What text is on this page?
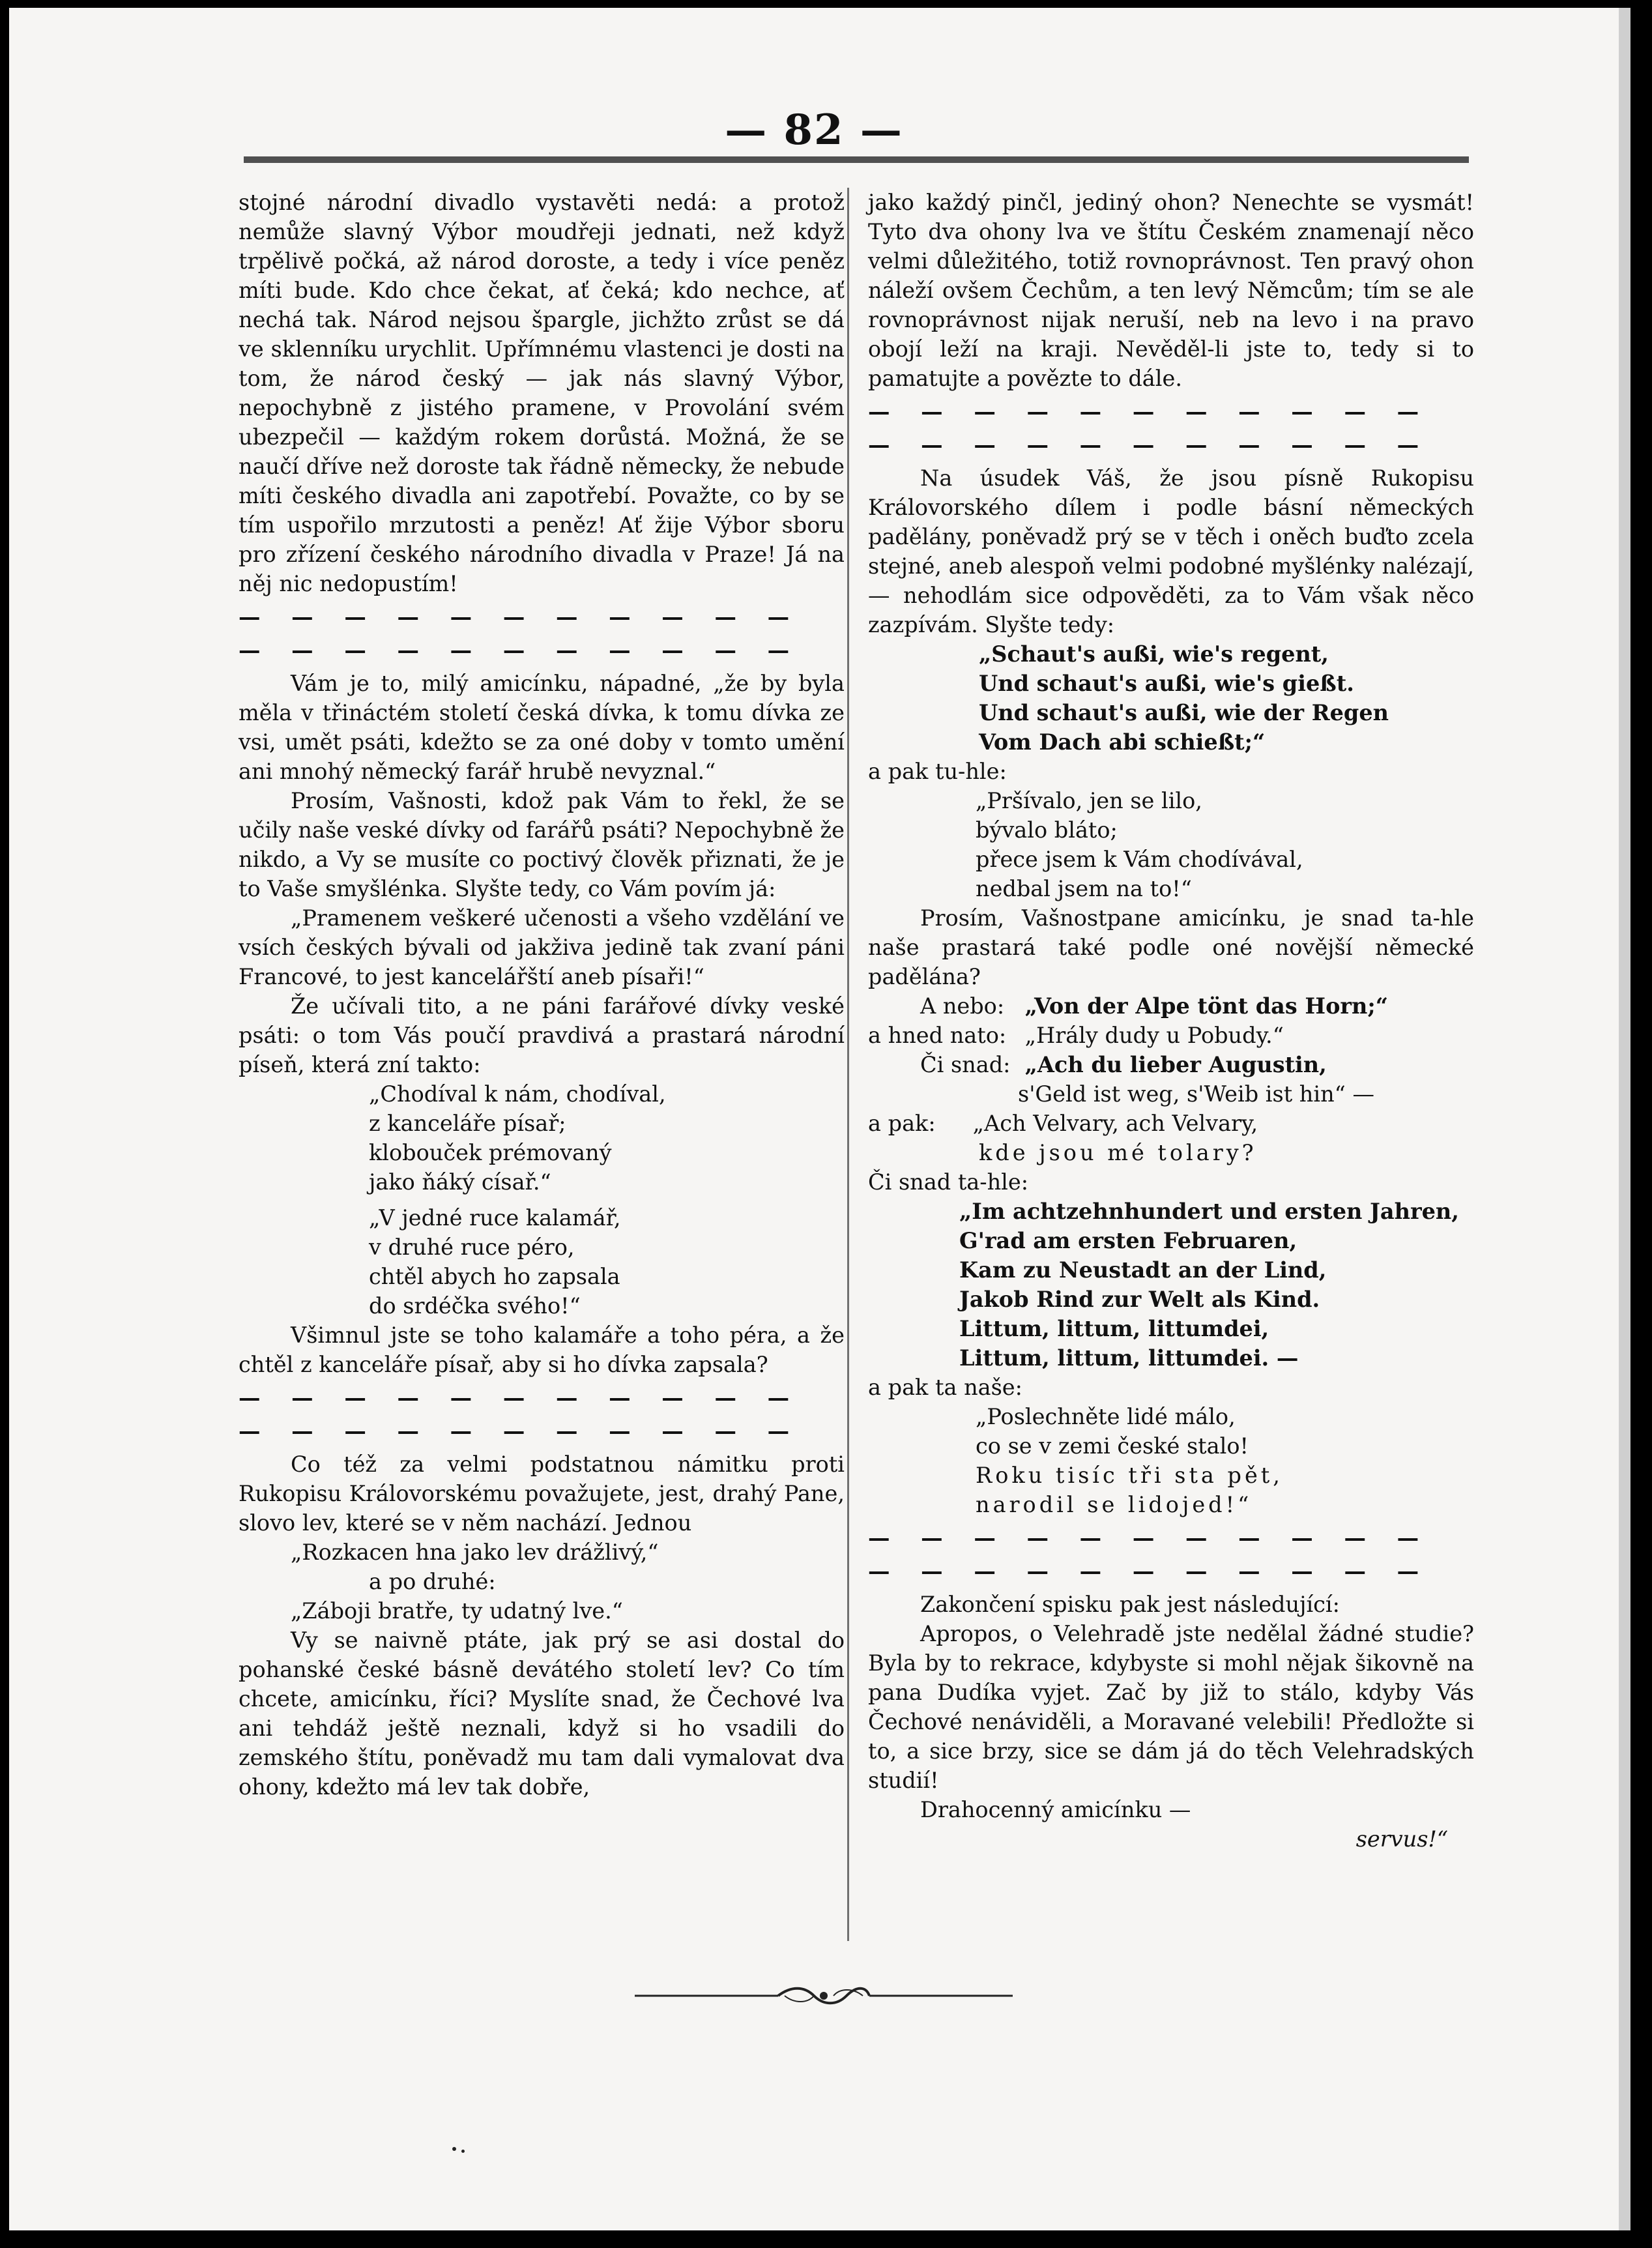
— 82 —

stojné národní divadlo vystavěti nedá: a protož nemůže slavný Výbor moudřeji jednati, než když trpělivě počká, až národ doroste, a tedy i více peněz míti bude. Kdo chce čekat, ať čeká; kdo nechce, ať nechá tak. Národ nejsou špargle, jichžto zrůst se dá ve sklenníku urychlit. Upřímnému vlastenci je dosti na tom, že národ český — jak nás slavný Výbor, nepochybně z jistého pramene, v Provolání svém ubezpečil — každým rokem dorůstá. Možná, že se naučí dříve než doroste tak řádně německy, že nebude míti českého divadla ani zapotřebí. Považte, co by se tím uspořilo mrzutosti a peněz! Ať žije Výbor sboru pro zřízení českého národního divadla v Praze! Já na něj nic nedopustím!

— — — — — — — — — — —
— — — — — — — — — — —

Vám je to, milý amicínku, nápadné, „že by byla měla v třináctém století česká dívka, k tomu dívka ze vsi, umět psáti, kdežto se za oné doby v tomto umění ani mnohý německý farář hrubě nevyznal.“

Prosím, Vašnosti, kdož pak Vám to řekl, že se učily naše veské dívky od farářů psáti? Nepochybně že nikdo, a Vy se musíte co poctivý člověk přiznati, že je to Vaše smyšlénka. Slyšte tedy, co Vám povím já:

„Pramenem veškeré učenosti a všeho vzdělání ve vsích českých bývali od jakživa jedině tak zvaní páni Francové, to jest kancelářští aneb písaři!“

Že učívali tito, a ne páni farářové dívky veské psáti: o tom Vás poučí pravdivá a prastará národní píseň, která zní takto:

„Chodíval k nám, chodíval,
z kanceláře písař;
klobouček prémovaný
jako ňáký císař.“
„V jedné ruce kalamář,
v druhé ruce péro,
chtěl abych ho zapsala
do srdéčka svého!“

Všimnul jste se toho kalamáře a toho péra, a že chtěl z kanceláře písař, aby si ho dívka zapsala?

— — — — — — — — — — —
— — — — — — — — — — —

Co též za velmi podstatnou námitku proti Rukopisu Královorskému považujete, jest, drahý Pane, slovo lev, které se v něm nachází. Jednou

„Rozkacen hna jako lev drážlivý,“
a po druhé:
„Záboji bratře, ty udatný lve.“

Vy se naivně ptáte, jak prý se asi dostal do pohanské české básně devátého století lev? Co tím chcete, amicínku, říci? Myslíte snad, že Čechové lva ani tehdáž ještě neznali, když si ho vsadili do zemského štítu, poněvadž mu tam dali vymalovat dva ohony, kdežto má lev tak dobře,

jako každý pinčl, jediný ohon? Nenechte se vysmát! Tyto dva ohony lva ve štítu Českém znamenají něco velmi důležitého, totiž rovnoprávnost. Ten pravý ohon náleží ovšem Čechům, a ten levý Němcům; tím se ale rovnoprávnost nijak neruší, neb na levo i na pravo obojí leží na kraji. Nevěděl-li jste to, tedy si to pamatujte a povězte to dále.

— — — — — — — — — — —
— — — — — — — — — — —

Na úsudek Váš, že jsou písně Rukopisu Královorského dílem i podle básní německých padělány, poněvadž prý se v těch i oněch buďto zcela stejné, aneb alespoň velmi podobné myšlénky nalézají, — nehodlám sice odpověděti, za to Vám však něco zazpívám. Slyšte tedy:

„Schaut's außi, wie's regent,
Und schaut's außi, wie's gießt.
Und schaut's außi, wie der Regen
Vom Dach abi schießt;“
a pak tu-hle:
„Pršívalo, jen se lilo,
bývalo bláto;
přece jsem k Vám chodívával,
nedbal jsem na to!“

Prosím, Vašnostpane amicínku, je snad ta-hle naše prastará také podle oné novější německé padělána?

A nebo: „Von der Alpe tönt das Horn;“
a hned nato: „Hrály dudy u Pobudy.“
Či snad: „Ach du lieber Augustin,
s'Geld ist weg, s'Weib ist hin“ —
a pak: „Ach Velvary, ach Velvary,
kde jsou mé tolary?
Či snad ta-hle:
„Im achtzehnhundert und ersten Jahren,
G'rad am ersten Februaren,
Kam zu Neustadt an der Lind,
Jakob Rind zur Welt als Kind.
Littum, littum, littumdei,
Littum, littum, littumdei. —
a pak ta naše:
„Poslechněte lidé málo,
co se v zemi české stalo!
Roku tisíc tři sta pět,
narodil se lidojed!“
— — — — — — — — — — —
— — — — — — — — — — —

Zakončení spisku pak jest následující:

Apropos, o Velehradě jste nedělal žádné studie? Byla by to rekrace, kdybyste si mohl nějak šikovně na pana Dudíka vyjet. Zač by již to stálo, kdyby Vás Čechové nenáviděli, a Moravané velebili! Předložte si to, a sice brzy, sice se dám já do těch Velehradských studií!

Drahocenný amicínku —

servus!“
